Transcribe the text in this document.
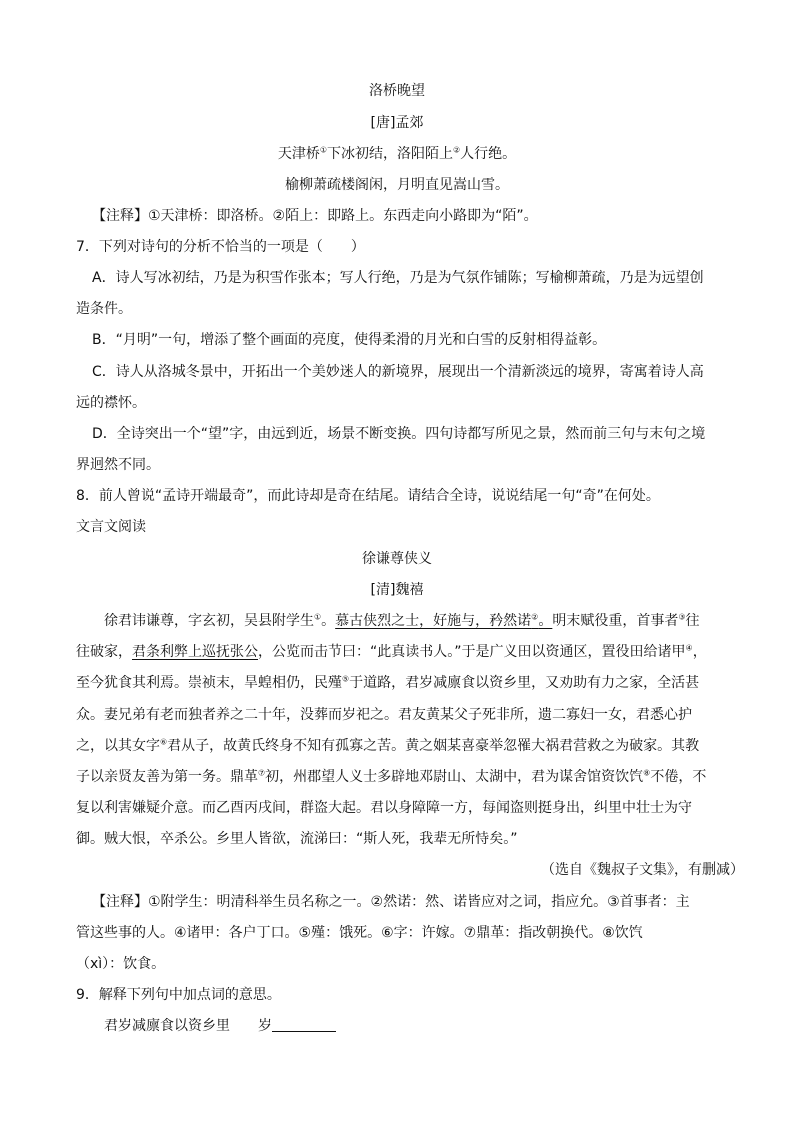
洛桥晚望
[唐]孟郊
天津桥①下冰初结，洛阳陌上②人行绝。
榆柳萧疏楼阁闲，月明直见嵩山雪。
【注释】①天津桥：即洛桥。②陌上：即路上。东西走向小路即为“陌”。
7．下列对诗句的分析不恰当的一项是（　　）
A．诗人写冰初结，乃是为积雪作张本；写人行绝，乃是为气氛作铺陈；写榆柳萧疏，乃是为远望创
造条件。
B．“月明”一句，增添了整个画面的亮度，使得柔滑的月光和白雪的反射相得益彰。
C．诗人从洛城冬景中，开拓出一个美妙迷人的新境界，展现出一个清新淡远的境界，寄寓着诗人高
远的襟怀。
D．全诗突出一个“望”字，由远到近，场景不断变换。四句诗都写所见之景，然而前三句与末句之境
界迥然不同。
8．前人曾说“孟诗开端最奇”，而此诗却是奇在结尾。请结合全诗，说说结尾一句“奇”在何处。
文言文阅读
徐谦尊侠义
[清]魏禧
徐君讳谦尊，字玄初，吴县附学生①。慕古侠烈之士，好施与，矜然诺②。明末赋役重，首事者③往
往破家，君条利弊上巡抚张公，公览而击节曰：“此真读书人。”于是广义田以资通区，置役田给诸甲④，
至今犹食其利焉。崇祯末，旱蝗相仍，民殣⑤于道路，君岁减廪食以资乡里，又劝助有力之家，全活甚
众。妻兄弟有老而独者养之二十年，没葬而岁祀之。君友黄某父子死非所，遗二寡妇一女，君悉心护
之，以其女字⑥君从子，故黄氏终身不知有孤寡之苦。黄之姻某喜豪举忽罹大祸君营救之为破家。其教
子以亲贤友善为第一务。鼎革⑦初，州郡望人义士多辟地邓尉山、太湖中，君为谋舍馆资饮饩⑧不倦，不
复以利害嫌疑介意。而乙酉丙戌间，群盗大起。君以身障障一方，每闻盗则挺身出，纠里中壮士为守
御。贼大恨，卒杀公。乡里人皆欲，流涕曰：“斯人死，我辈无所恃矣。”
（选自《魏叔子文集》，有删减）
【注释】①附学生：明清科举生员名称之一。②然诺：然、诺皆应对之词，指应允。③首事者：主
管这些事的人。④诸甲：各户丁口。⑤殣：饿死。⑥字：许嫁。⑦鼎革：指改朝换代。⑧饮饩
（xì）：饮食。
9．解释下列句中加点词的意思。
君岁减廪食以资乡里 岁
